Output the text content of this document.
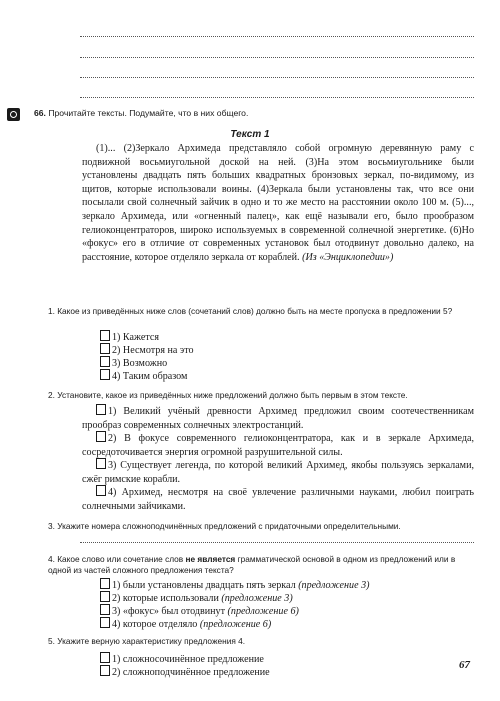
66. Прочитайте тексты. Подумайте, что в них общего.
Текст 1

(1)... (2)Зеркало Архимеда представляло собой огромную деревянную раму с подвижной восьмиугольной доской на ней. (3)На этом восьмиугольнике были установлены двадцать пять больших квадратных бронзовых зеркал, по-видимому, из щитов, которые использовали воины. (4)Зеркала были установлены так, что все они посылали свой солнечный зайчик в одно и то же место на расстоянии около 100 м. (5)..., зеркало Архимеда, или «огненный палец», как ещё называли его, было прообразом гелиоконцентраторов, широко используемых в современной солнечной энергетике. (6)Но «фокус» его в отличие от современных установок был отодвинут довольно далеко, на расстояние, которое отделяло зеркала от кораблей. (Из «Энциклопедии»)

1. Какое из приведённых ниже слов (сочетаний слов) должно быть на месте пропуска в предложении 5?
1) Кажется
2) Несмотря на это
3) Возможно
4) Таким образом
2. Установите, какое из приведённых ниже предложений должно быть первым в этом тексте.

1) Великий учёный древности Архимед предложил своим соотечественникам прообраз современных солнечных электростанций.

2) В фокусе современного гелиоконцентратора, как и в зеркале Архимеда, сосредоточивается энергия огромной разрушительной силы.

3) Существует легенда, по которой великий Архимед, якобы пользуясь зеркалами, сжёг римские корабли.

4) Архимед, несмотря на своё увлечение различными науками, любил поиграть солнечными зайчиками.

3. Укажите номера сложноподчинённых предложений с придаточными определительными.
4. Какое слово или сочетание слов не является грамматической основой в одном из предложений или в одной из частей сложного предложения текста?
1) были установлены двадцать пять зеркал (предложение 3)
2) которые использовали (предложение 3)
3) «фокус» был отодвинут (предложение 6)
4) которое отделяло (предложение 6)
5. Укажите верную характеристику предложения 4.
1) сложносочинённое предложение
2) сложноподчинённое предложение
67
